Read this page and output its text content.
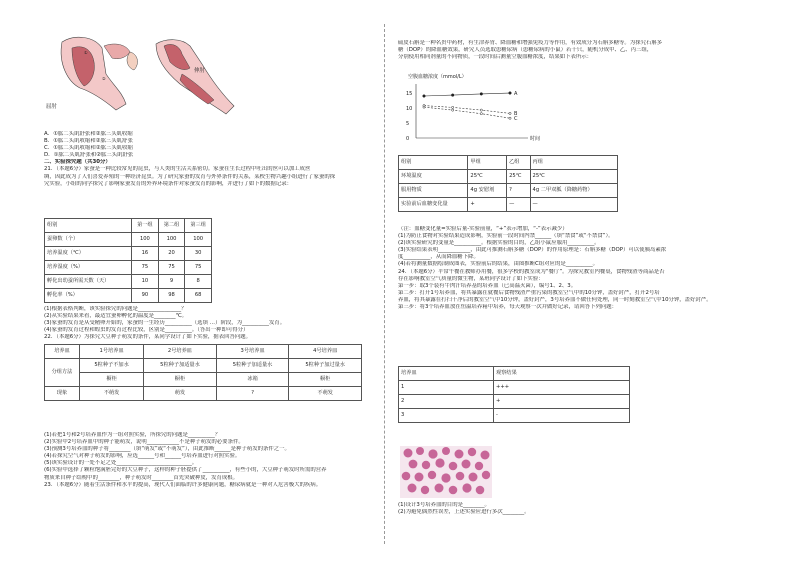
①
②
屈肘
伸肘

A．①肱二头肌舒张和②肱三头肌收缩

B．①肱二头肌收缩和②肱三头肌舒张

C．①肱二头肌收缩和②肱三头肌收缩

D．①肱二头肌舒张和②肱三头肌舒张

二、实验探究题（共30分）

21．（本题6分）家蚕是一种比较常见的昆虫，与人类的生活关系密切。家蚕在生长过程中吐出的丝可以加工成丝

绸，因此成为了人们喜爱养殖的一种经济昆虫。为了研究家蚕的发育与外界条件的关系，某校生物兴趣小组进行了家蚕的探

究实验，小组的同学探究了影响家蚕发育的外界环境条件对家蚕发育的影响，并进行了如下的数据记录：

组别	第一组	第二组	第三组
蚕卵数（个）	100	100	100
培养温度（℃）	16	20	30
培养湿度（%）	75	75	75
孵化出幼蚕所需天数（天）	10	9	8
孵化率（%）	90	98	68

(1)根据表格判断，该实验探究的问题是________________？

(2)从实验结果来看，最适宜蚕卵孵化的温度是________℃。

(3)家蚕的发育是从受精卵开始的，家蚕的一生经历__________（选填 …）阶段，为__________发育。

(4)家蚕的发育过程和蝗虫的发育过程比较，区别是__________。（答出一种即可得分）

22．（本题6分）为探究大豆种子萌发的条件，某同学设计了如下实验，据表回答问题。

培养皿	1号培养皿	2号培养皿	3号培养皿	4号培养皿
分组方法	5粒种子不加水	5粒种子加适量水	5粒种子加适量水	5粒种子加过量水
	橱柜	橱柜	冰箱	橱柜
现象	不萌发	萌发	?	不萌发

(1)若把1号和2号培养皿作为一组对照实验，所探究的问题是__________？

(2)实验中2号培养皿中的种子能萌发，说明____________不是种子萌发的必要条件。

(3)预测3号培养皿的种子将________（填“萌发”或“不萌发”），由此推断______是种子萌发的条件之一。

(4)若探究空气对种子萌发的影响，应选______号和______号培养皿进行对照实验。

(5)该实验设计的一处不足之处____________________________。

(6)实验中选择了颗粒饱满胚完好的大豆种子，这样的种子胚提供了__________，有些小的，大豆种子萌发时所需的营养

物质来自种子结构中的________，种子萌发时________首先突破种皮，发育成根。

23．（本题6分）随着生活条件和水平的提高，现代人们面临的许多健康问题，糖尿病就是一种对人危害极大的疾病。

硫皮石斛是一种名贵中药材，有生津养胃、降血糖和增强免疫力等作用，有效成分为石斛多糖等。为探究石斛多

糖（DOP）的降血糖效果，研究人员选取患糖尿病（患糖尿病的小鼠）若干只，随机分成甲、乙、丙三组，

分别使用相同剂量的不同物质，一段时间后测量空腹血糖浓度，结果如下表所示：

空腹血糖浓度（mmol/L）
时间
0
5
10
15	A
B
C
组别	甲组	乙组	丙组
环境温度	25℃	25℃	25℃
服用物质	4g 安慰剂	?	4g 二甲双胍（降糖药物）
实验前后血糖变化量	+	—	—

（注：血糖变化量=实验后量-实验前量，“+”表示增加，“-”表示减少）

(1)为防止食物对实验结果造成影响，实验前一段时间内禁______（填“禁食”或“不禁食”）。

(2)该实验研究的变量是__________。根据实验的目的，乙组小鼠应服用__________。

(3)实验结果表明____________，由此可推测石斛多糖（DOP）的作用原理是：石斛多糖（DOP）可以使胰岛素浓

度__________，从而降血糖下降。

(4)若将测量数据绘制成图表，实验前后的结果，由图推断C组对应的是__________。

24．（本题6分）平常午餐在教师办用餐，很多学校的教室成为“餐厅”。为探究教室内餐桌，食物残渣等商品是否

存在影响教室空气质量的微生物，某班同学设计了如下实验：

第一步：取3个装有牛肉汁培养基的培养皿（已高温灭菌），编号1、2、3。

第二步：打开1号培养皿，将其暴露在就餐后食物残渣严重污染的教室空气中的10分钟，盖好封严，打开2号培

养皿，将其暴露在打扫干净后的教室空气中10分钟，盖好封严，3号培养皿不做任何处理，同一时刻教室空气中10分钟，盖好封严。

第三步：将3个培养皿放在恒温培养箱中培养，每天观察一次并做好记录，请回答下列问题：

培养皿	观察结果
1	+++
2	+
3	-

(1)设计3号培养皿的目的是________。

(2)为避免偶然性误差，上述实验应进行多次________。
